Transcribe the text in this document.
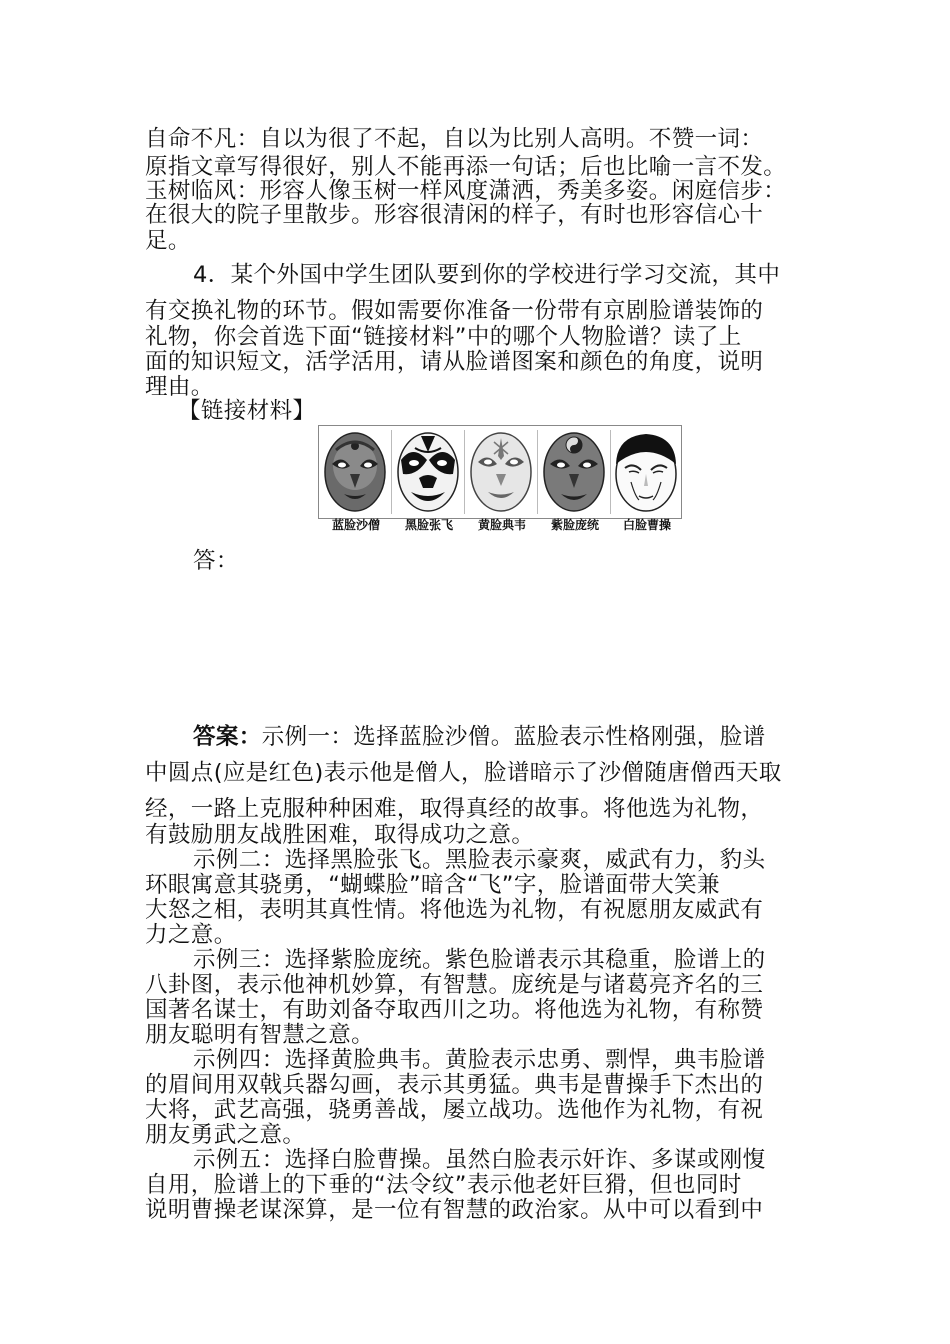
自命不凡：自以为很了不起，自以为比别人高明。不赞一词：
原指文章写得很好，别人不能再添一句话；后也比喻一言不发。
玉树临风：形容人像玉树一样风度潇洒，秀美多姿。闲庭信步：
在很大的院子里散步。形容很清闲的样子，有时也形容信心十
足。
4．某个外国中学生团队要到你的学校进行学习交流，其中
有交换礼物的环节。假如需要你准备一份带有京剧脸谱装饰的
礼物，你会首选下面“链接材料”中的哪个人物脸谱？读了上
面的知识短文，活学活用，请从脸谱图案和颜色的角度，说明
理由。
【链接材料】
蓝脸沙僧	黑脸张飞	黄脸典韦	紫脸庞统	白脸曹操
答：
答案：示例一：选择蓝脸沙僧。蓝脸表示性格刚强，脸谱
中圆点(应是红色)表示他是僧人，脸谱暗示了沙僧随唐僧西天取
经，一路上克服种种困难，取得真经的故事。将他选为礼物，
有鼓励朋友战胜困难，取得成功之意。
示例二：选择黑脸张飞。黑脸表示豪爽，威武有力，豹头
环眼寓意其骁勇，“蝴蝶脸”暗含“飞”字，脸谱面带大笑兼
大怒之相，表明其真性情。将他选为礼物，有祝愿朋友威武有
力之意。
示例三：选择紫脸庞统。紫色脸谱表示其稳重，脸谱上的
八卦图，表示他神机妙算，有智慧。庞统是与诸葛亮齐名的三
国著名谋士，有助刘备夺取西川之功。将他选为礼物，有称赞
朋友聪明有智慧之意。
示例四：选择黄脸典韦。黄脸表示忠勇、剽悍，典韦脸谱
的眉间用双戟兵器勾画，表示其勇猛。典韦是曹操手下杰出的
大将，武艺高强，骁勇善战，屡立战功。选他作为礼物，有祝
朋友勇武之意。
示例五：选择白脸曹操。虽然白脸表示奸诈、多谋或刚愎
自用，脸谱上的下垂的“法令纹”表示他老奸巨猾，但也同时
说明曹操老谋深算，是一位有智慧的政治家。从中可以看到中
